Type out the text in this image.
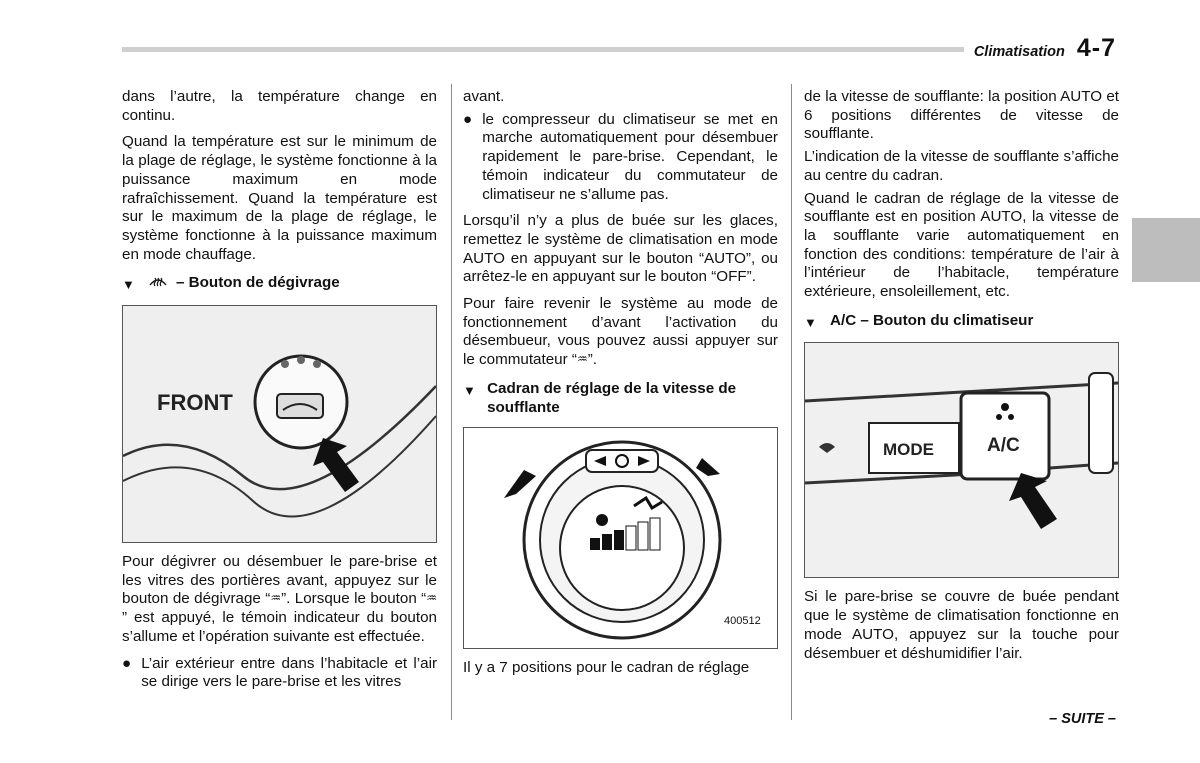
Climatisation 4-7

dans l’autre, la température change en continu.

Quand la température est sur le minimum de la plage de réglage, le système fonctionne à la puissance maximum en mode rafraîchissement. Quand la température est sur le maximum de la plage de réglage, le système fonctionne à la puissance maximum en mode chauffage.

▼	– Bouton de dégivrage
FRONT

Pour dégivrer ou désembuer le pare-brise et les vitres des portières avant, appuyez sur le bouton de dégivrage “♒”. Lorsque le bouton “♒” est appuyé, le témoin indicateur du bouton s’allume et l’opération suivante est effectuée.

● L’air extérieur entre dans l’habitacle et l’air se dirige vers le pare-brise et les vitres

avant.

● le compresseur du climatiseur se met en marche automatiquement pour désembuer rapidement le pare-brise. Cependant, le témoin indicateur du commutateur de climatiseur ne s’allume pas.

Lorsqu’il n’y a plus de buée sur les glaces, remettez le système de climatisation en mode AUTO en appuyant sur le bouton “AUTO”, ou arrêtez-le en appuyant sur le bouton “OFF”.

Pour faire revenir le système au mode de fonctionnement d’avant l’activation du désembueur, vous pouvez aussi appuyer sur le commutateur “♒”.

▼ Cadran de réglage de la vitesse de soufflante
400512

Il y a 7 positions pour le cadran de réglage

de la vitesse de soufflante: la position AUTO et 6 positions différentes de vitesse de soufflante.

L’indication de la vitesse de soufflante s’affiche au centre du cadran.

Quand le cadran de réglage de la vitesse de soufflante est en position AUTO, la vitesse de la soufflante varie automatiquement en fonction des conditions: température de l’air à l’intérieur de l’habitacle, température extérieure, ensoleillement, etc.

▼ A/C – Bouton du climatiseur
MODE	A/C

Si le pare-brise se couvre de buée pendant que le système de climatisation fonctionne en mode AUTO, appuyez sur la touche pour désembuer et déshumidifier l’air.

– SUITE –
